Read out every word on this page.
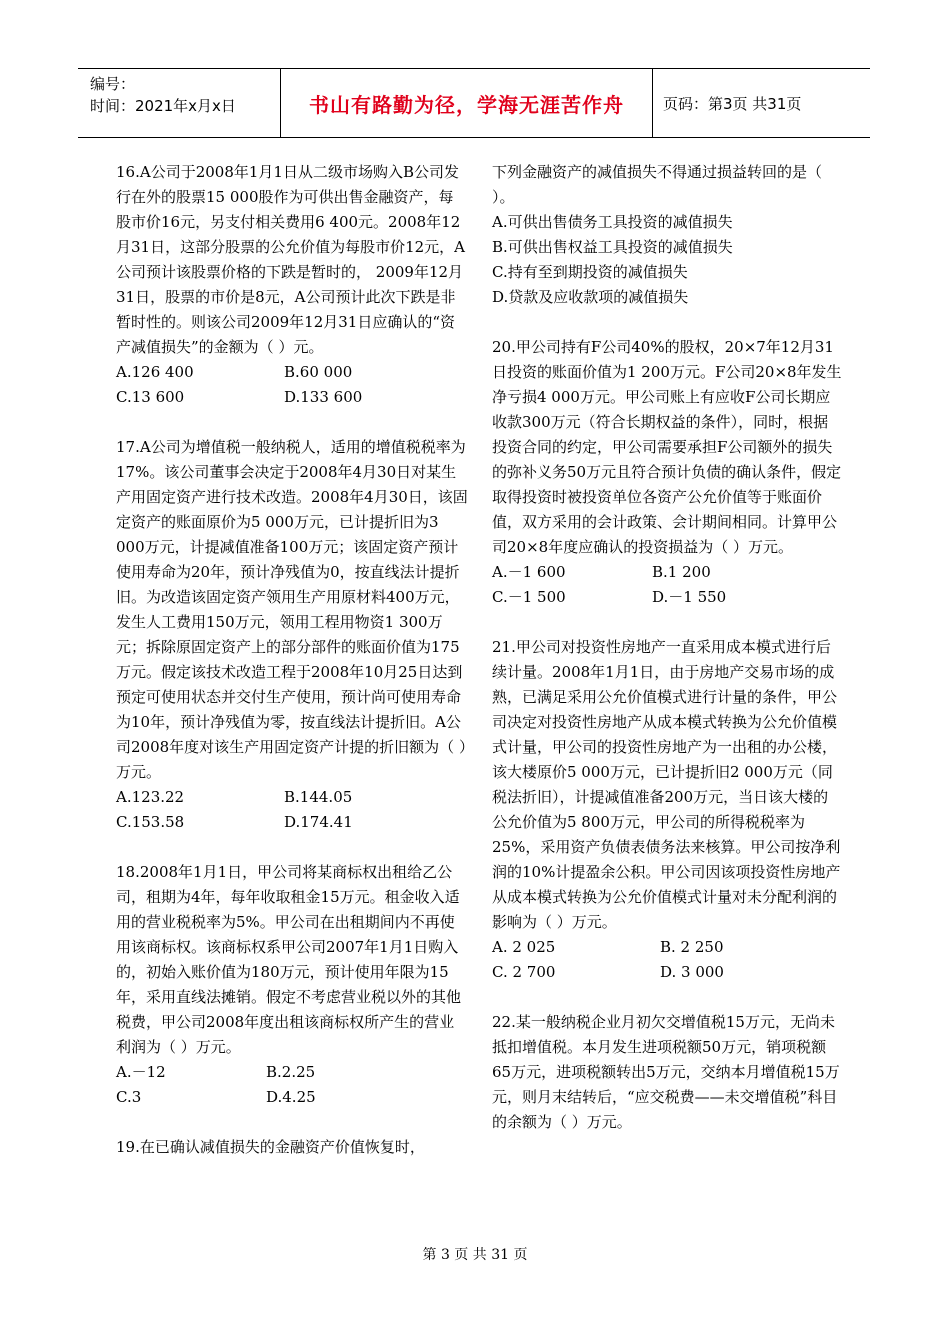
编号：
时间：2021年x月x日	书山有路勤为径，学海无涯苦作舟	页码：第3页 共31页

16.A公司于2008年1月1日从二级市场购入B公司发行在外的股票15 000股作为可供出售金融资产，每股市价16元，另支付相关费用6 400元。2008年12月31日，这部分股票的公允价值为每股市价12元，A公司预计该股票价格的下跌是暂时的， 2009年12月31日，股票的市价是8元，A公司预计此次下跌是非暂时性的。则该公司2009年12月31日应确认的“资产减值损失”的金额为（ ）元。

A.126 400	B.60 000
C.13 600	D.133 600

17.A公司为增值税一般纳税人，适用的增值税税率为17%。该公司董事会决定于2008年4月30日对某生产用固定资产进行技术改造。2008年4月30日，该固定资产的账面原价为5 000万元，已计提折旧为3 000万元，计提减值准备100万元；该固定资产预计使用寿命为20年，预计净残值为0，按直线法计提折旧。为改造该固定资产领用生产用原材料400万元，发生人工费用150万元，领用工程用物资1 300万元；拆除原固定资产上的部分部件的账面价值为175万元。假定该技术改造工程于2008年10月25日达到预定可使用状态并交付生产使用，预计尚可使用寿命为10年，预计净残值为零，按直线法计提折旧。A公司2008年度对该生产用固定资产计提的折旧额为（ ）万元。

A.123.22	B.144.05
C.153.58	D.174.41

18.2008年1月1日，甲公司将某商标权出租给乙公司，租期为4年，每年收取租金15万元。租金收入适用的营业税税率为5%。甲公司在出租期间内不再使用该商标权。该商标权系甲公司2007年1月1日购入的，初始入账价值为180万元，预计使用年限为15年，采用直线法摊销。假定不考虑营业税以外的其他税费，甲公司2008年度出租该商标权所产生的营业利润为（ ）万元。

A.－12	B.2.25
C.3	D.4.25

19.在已确认减值损失的金融资产价值恢复时，

下列金融资产的减值损失不得通过损益转回的是（ ）。

A.可供出售债务工具投资的减值损失
B.可供出售权益工具投资的减值损失
C.持有至到期投资的减值损失
D.贷款及应收款项的减值损失

20.甲公司持有F公司40%的股权，20×7年12月31日投资的账面价值为1 200万元。F公司20×8年发生净亏损4 000万元。甲公司账上有应收F公司长期应收款300万元（符合长期权益的条件），同时，根据投资合同的约定，甲公司需要承担F公司额外的损失的弥补义务50万元且符合预计负债的确认条件，假定取得投资时被投资单位各资产公允价值等于账面价值，双方采用的会计政策、会计期间相同。计算甲公司20×8年度应确认的投资损益为（ ）万元。

A.－1 600	B.1 200
C.－1 500	D.－1 550

21.甲公司对投资性房地产一直采用成本模式进行后续计量。2008年1月1日，由于房地产交易市场的成熟，已满足采用公允价值模式进行计量的条件，甲公司决定对投资性房地产从成本模式转换为公允价值模式计量，甲公司的投资性房地产为一出租的办公楼，该大楼原价5 000万元，已计提折旧2 000万元（同税法折旧），计提减值准备200万元，当日该大楼的公允价值为5 800万元，甲公司的所得税税率为25%，采用资产负债表债务法来核算。甲公司按净利润的10%计提盈余公积。甲公司因该项投资性房地产从成本模式转换为公允价值模式计量对未分配利润的影响为（ ）万元。

A. 2 025	B. 2 250
C. 2 700	D. 3 000

22.某一般纳税企业月初欠交增值税15万元，无尚未抵扣增值税。本月发生进项税额50万元，销项税额65万元，进项税额转出5万元，交纳本月增值税15万元，则月末结转后，“应交税费——未交增值税”科目的余额为（ ）万元。

第 3 页 共 31 页
